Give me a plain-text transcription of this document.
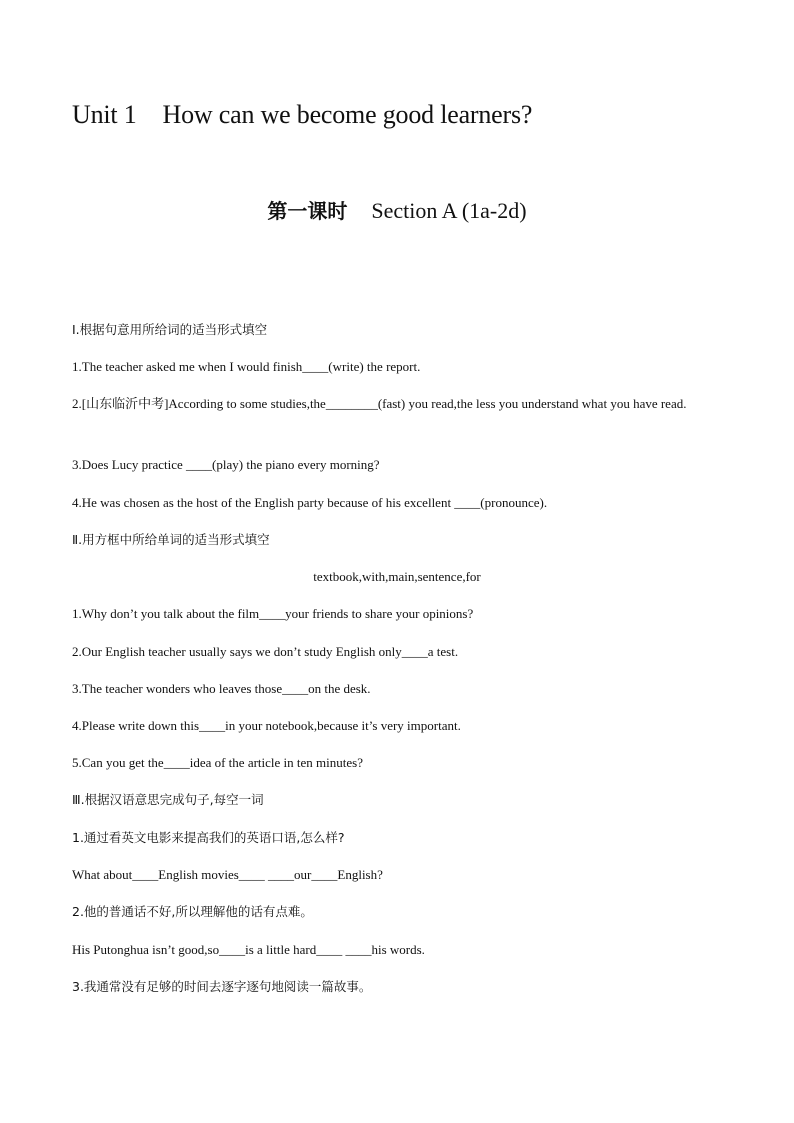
Unit 1 How can we become good learners?
第一课时 Section A (1a-2d)
Ⅰ.根据句意用所给词的适当形式填空
1.The teacher asked me when I would finish____(write) the report.
2.[山东临沂中考]According to some studies,the________(fast) you read,the less you understand what you have read.
3.Does Lucy practice ____(play) the piano every morning?
4.He was chosen as the host of the English party because of his excellent ____(pronounce).
Ⅱ.用方框中所给单词的适当形式填空
textbook,with,main,sentence,for
1.Why don’t you talk about the film____your friends to share your opinions?
2.Our English teacher usually says we don’t study English only____a test.
3.The teacher wonders who leaves those____on the desk.
4.Please write down this____in your notebook,because it’s very important.
5.Can you get the____idea of the article in ten minutes?
Ⅲ.根据汉语意思完成句子,每空一词
1.通过看英文电影来提高我们的英语口语,怎么样?
What about____English movies____ ____our____English?
2.他的普通话不好,所以理解他的话有点难。
His Putonghua isn’t good,so____is a little hard____ ____his words.
3.我通常没有足够的时间去逐字逐句地阅读一篇故事。
